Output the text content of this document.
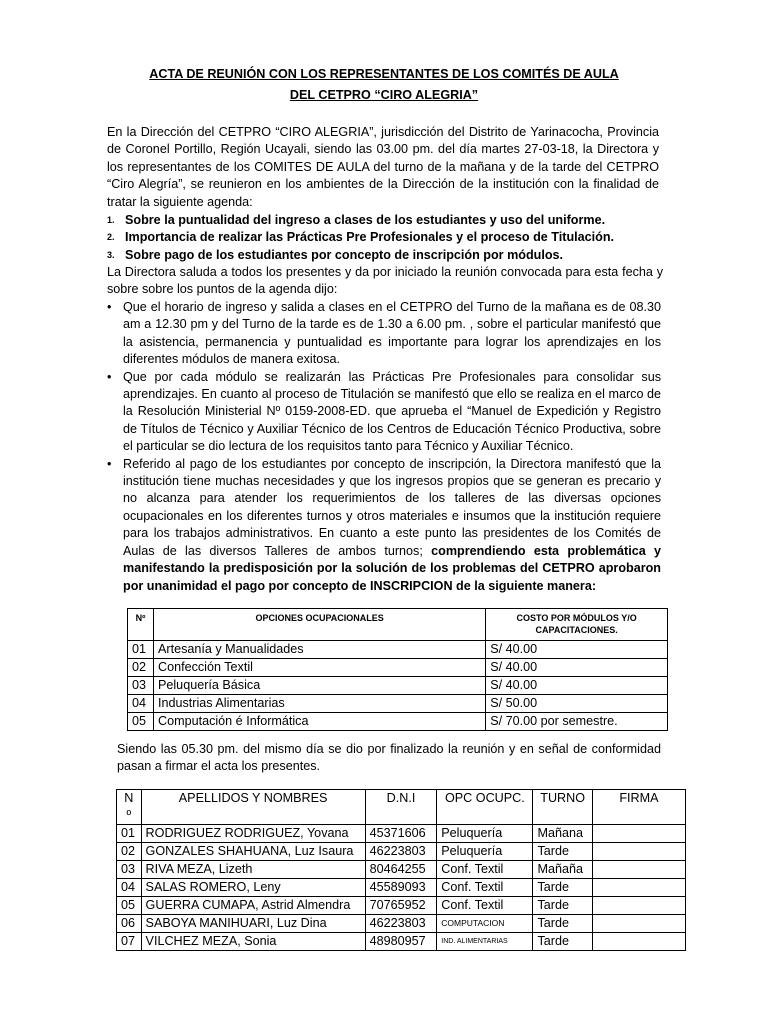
ACTA DE REUNIÓN CON LOS REPRESENTANTES DE LOS COMITÉS DE AULA
DEL CETPRO “CIRO ALEGRIA”
En la Dirección del CETPRO “CIRO ALEGRIA”, jurisdicción del Distrito de Yarinacocha, Provincia de Coronel Portillo, Región Ucayali, siendo las 03.00 pm. del día martes 27-03-18, la Directora y los representantes de los COMITES DE AULA del turno de la mañana y de la tarde del CETPRO “Ciro Alegría”, se reunieron en los ambientes de la Dirección de la institución con la finalidad de tratar la siguiente agenda:
1. Sobre la puntualidad del ingreso a clases de los estudiantes y uso del uniforme.
2. Importancia de realizar las Prácticas Pre Profesionales y el proceso de Titulación.
3. Sobre pago de los estudiantes por concepto de inscripción por módulos.
La Directora saluda a todos los presentes y da por iniciado la reunión convocada para esta fecha y sobre sobre los puntos de la agenda dijo:
• Que el horario de ingreso y salida a clases en el CETPRO del Turno de la mañana es de 08.30 am a 12.30 pm y del Turno de la tarde es de 1.30 a 6.00 pm. , sobre el particular manifestó que la asistencia, permanencia y puntualidad es importante para lograr los aprendizajes en los diferentes módulos de manera exitosa.
• Que por cada módulo se realizarán las Prácticas Pre Profesionales para consolidar sus aprendizajes. En cuanto al proceso de Titulación se manifestó que ello se realiza en el marco de la Resolución Ministerial Nº 0159-2008-ED. que aprueba el “Manuel de Expedición y Registro de Títulos de Técnico y Auxiliar Técnico de los Centros de Educación Técnico Productiva, sobre el particular se dio lectura de los requisitos tanto para Técnico y Auxiliar Técnico.
• Referido al pago de los estudiantes por concepto de inscripción, la Directora manifestó que la institución tiene muchas necesidades y que los ingresos propios que se generan es precario y no alcanza para atender los requerimientos de los talleres de las diversas opciones ocupacionales en los diferentes turnos y otros materiales e insumos que la institución requiere para los trabajos administrativos. En cuanto a este punto las presidentes de los Comités de Aulas de las diversos Talleres de ambos turnos; comprendiendo esta problemática y manifestando la predisposición por la solución de los problemas del CETPRO aprobaron por unanimidad el pago por concepto de INSCRIPCION de la siguiente manera:
Nº	OPCIONES OCUPACIONALES	COSTO POR MÓDULOS Y/O CAPACITACIONES.
01	Artesanía y Manualidades	S/ 40.00
02	Confección Textil	S/ 40.00
03	Peluquería Básica	S/ 40.00
04	Industrias Alimentarias	S/ 50.00
05	Computación é Informática	S/ 70.00 por semestre.
Siendo las 05.30 pm. del mismo día se dio por finalizado la reunión y en señal de conformidad pasan a firmar el acta los presentes.
N
º	APELLIDOS Y NOMBRES	D.N.I	OPC OCUPC.	TURNO	FIRMA
01	RODRIGUEZ RODRIGUEZ, Yovana	45371606	Peluquería	Mañana	
02	GONZALES SHAHUANA, Luz Isaura	46223803	Peluquería	Tarde	
03	RIVA MEZA, Lizeth	80464255	Conf. Textil	Mañaña	
04	SALAS ROMERO, Leny	45589093	Conf. Textil	Tarde	
05	GUERRA CUMAPA, Astrid Almendra	70765952	Conf. Textil	Tarde	
06	SABOYA MANIHUARI, Luz Dina	46223803	COMPUTACION	Tarde	
07	VILCHEZ MEZA, Sonia	48980957	IND. ALIMENTARIAS	Tarde	
